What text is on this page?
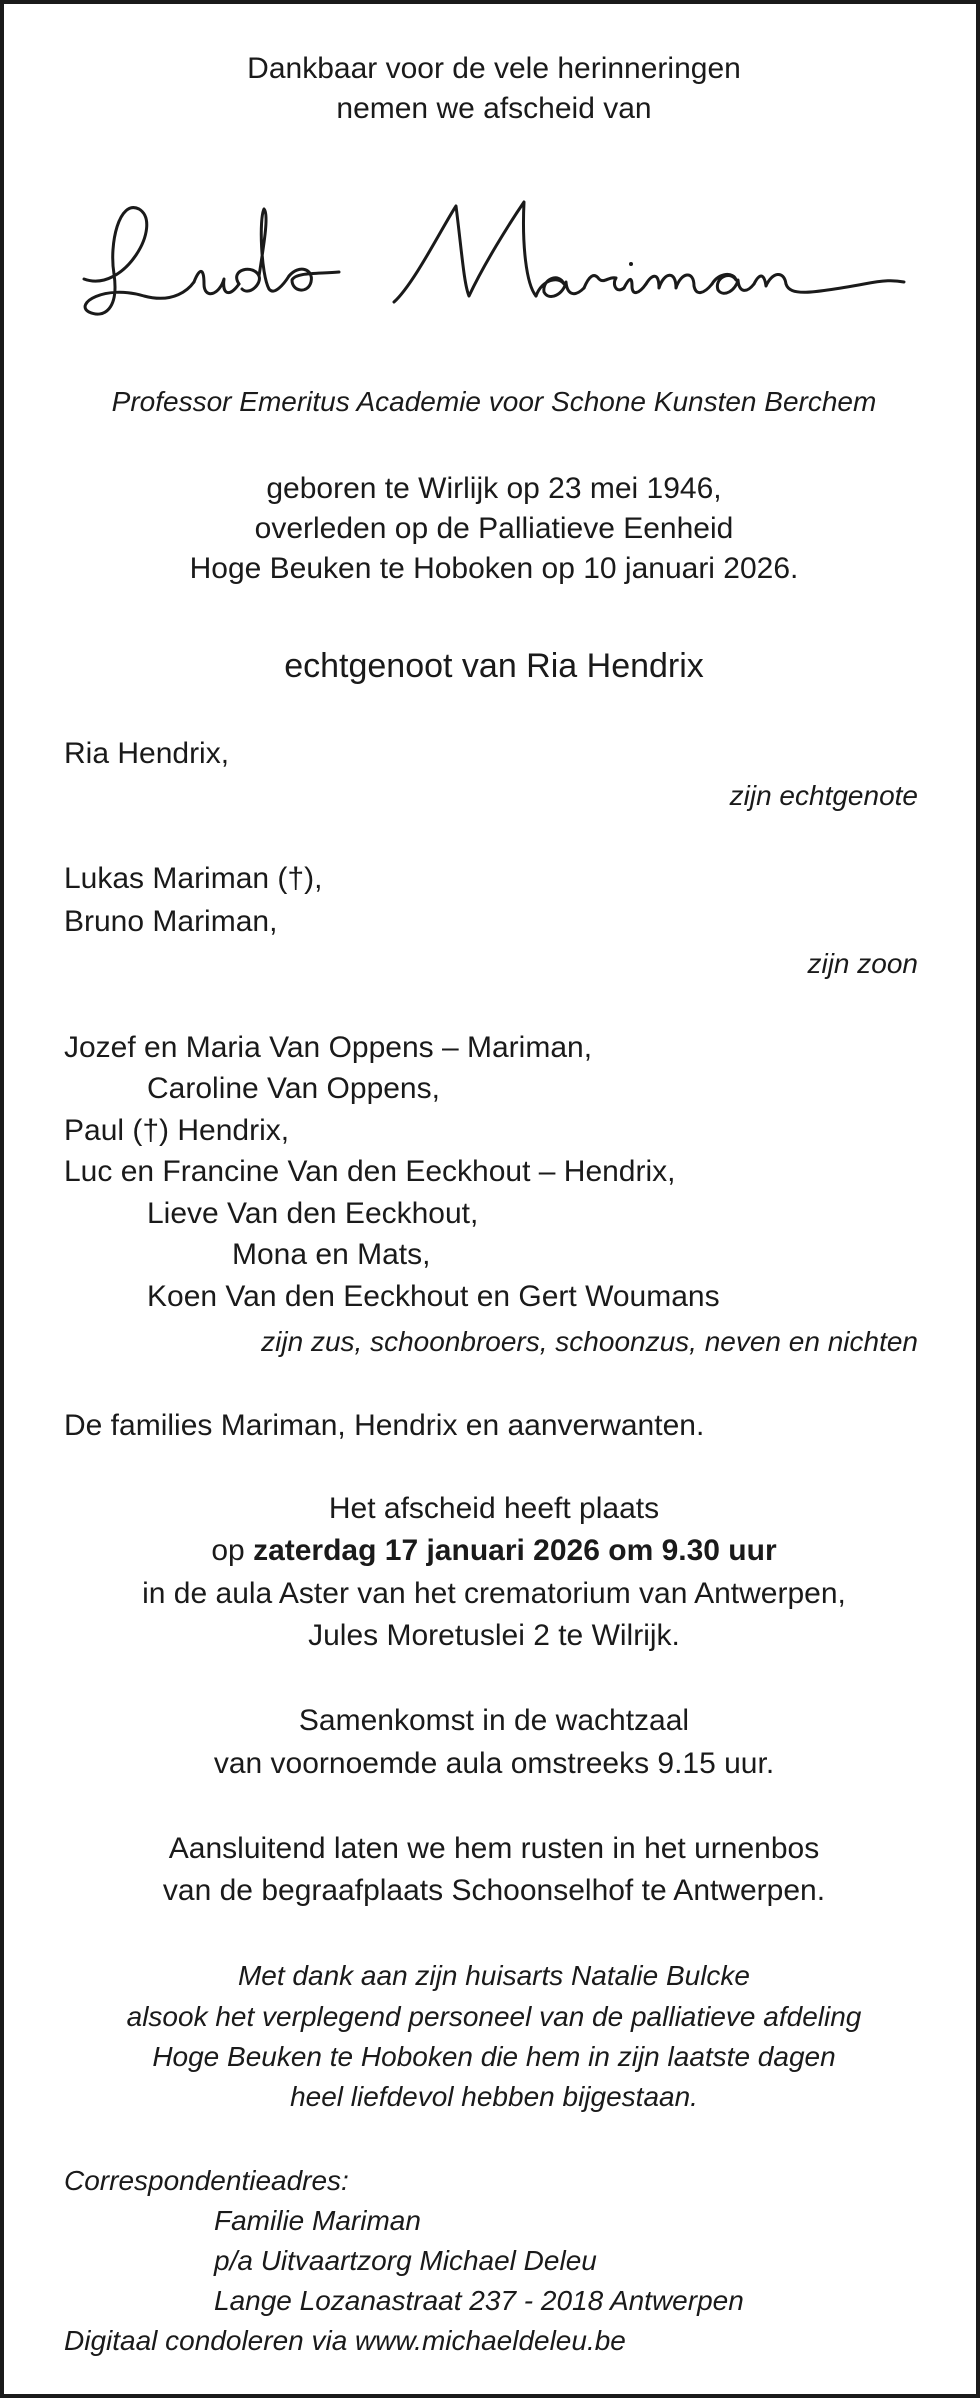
Dankbaar voor de vele herinneringen
nemen we afscheid van
Ludo Mariman
Professor Emeritus Academie voor Schone Kunsten Berchem
geboren te Wirlijk op 23 mei 1946,
overleden op de Palliatieve Eenheid
Hoge Beuken te Hoboken op 10 januari 2026.
echtgenoot van Ria Hendrix
Ria Hendrix,
zijn echtgenote
Lukas Mariman (†),
Bruno Mariman,
zijn zoon
Jozef en Maria Van Oppens – Mariman,
Caroline Van Oppens,
Paul (†) Hendrix,
Luc en Francine Van den Eeckhout – Hendrix,
Lieve Van den Eeckhout,
Mona en Mats,
Koen Van den Eeckhout en Gert Woumans
zijn zus, schoonbroers, schoonzus, neven en nichten
De families Mariman, Hendrix en aanverwanten.
Het afscheid heeft plaats
op zaterdag 17 januari 2026 om 9.30 uur
in de aula Aster van het crematorium van Antwerpen,
Jules Moretuslei 2 te Wilrijk.
Samenkomst in de wachtzaal
van voornoemde aula omstreeks 9.15 uur.
Aansluitend laten we hem rusten in het urnenbos
van de begraafplaats Schoonselhof te Antwerpen.
Met dank aan zijn huisarts Natalie Bulcke
alsook het verplegend personeel van de palliatieve afdeling
Hoge Beuken te Hoboken die hem in zijn laatste dagen
heel liefdevol hebben bijgestaan.
Correspondentieadres:
Familie Mariman
p/a Uitvaartzorg Michael Deleu
Lange Lozanastraat 237 - 2018 Antwerpen
Digitaal condoleren via www.michaeldeleu.be
